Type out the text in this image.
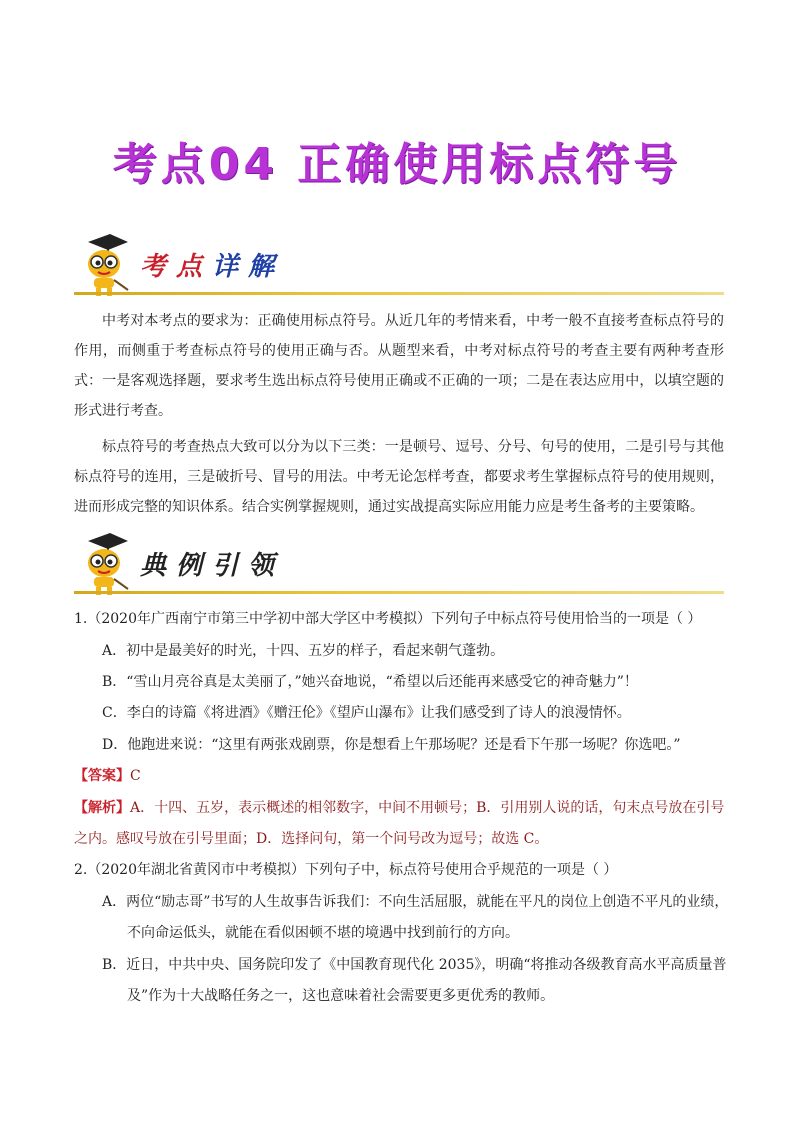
考点04 正确使用标点符号
考点详解

中考对本考点的要求为：正确使用标点符号。从近几年的考情来看，中考一般不直接考查标点符号的作用，而侧重于考查标点符号的使用正确与否。从题型来看，中考对标点符号的考查主要有两种考查形式：一是客观选择题，要求考生选出标点符号使用正确或不正确的一项；二是在表达应用中，以填空题的形式进行考查。

标点符号的考查热点大致可以分为以下三类：一是顿号、逗号、分号、句号的使用，二是引号与其他标点符号的连用，三是破折号、冒号的用法。中考无论怎样考查，都要求考生掌握标点符号的使用规则，进而形成完整的知识体系。结合实例掌握规则，通过实战提高实际应用能力应是考生备考的主要策略。

典例引领

1.（2020年广西南宁市第三中学初中部大学区中考模拟）下列句子中标点符号使用恰当的一项是（ ）

A．初中是最美好的时光，十四、五岁的样子，看起来朝气蓬勃。

B．“雪山月亮谷真是太美丽了，”她兴奋地说，“希望以后还能再来感受它的神奇魅力”！

C．李白的诗篇《将进酒》《赠汪伦》《望庐山瀑布》让我们感受到了诗人的浪漫情怀。

D．他跑进来说：“这里有两张戏剧票，你是想看上午那场呢？还是看下午那一场呢？你选吧。”

【答案】C

【解析】A．十四、五岁，表示概述的相邻数字，中间不用顿号；B．引用别人说的话，句末点号放在引号

之内。感叹号放在引号里面；D．选择问句，第一个问号改为逗号；故选 C。

2.（2020年湖北省黄冈市中考模拟）下列句子中，标点符号使用合乎规范的一项是（ ）

A．两位“励志哥”书写的人生故事告诉我们：不向生活屈服，就能在平凡的岗位上创造不平凡的业绩，

不向命运低头，就能在看似困顿不堪的境遇中找到前行的方向。

B．近日，中共中央、国务院印发了《中国教育现代化 2035》，明确“将推动各级教育高水平高质量普

及”作为十大战略任务之一，这也意味着社会需要更多更优秀的教师。
